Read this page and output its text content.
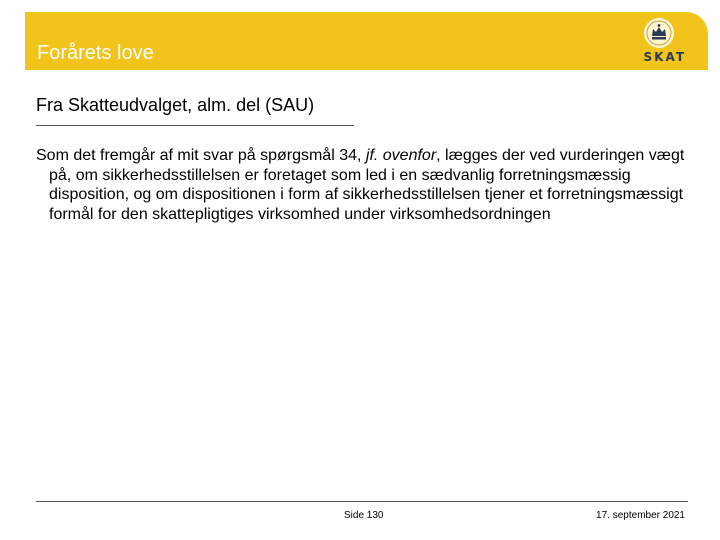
Forårets love	SKAT
Fra Skatteudvalget, alm. del (SAU)

Som det fremgår af mit svar på spørgsmål 34, jf. ovenfor, lægges der ved vurderingen vægt på, om sikkerhedsstillelsen er foretaget som led i en sædvanlig forretningsmæssig disposition, og om dispositionen i form af sikkerhedsstillelsen tjener et forretningsmæssigt formål for den skattepligtiges virksomhed under virksomhedsordningen

Side 130	17. september 2021
